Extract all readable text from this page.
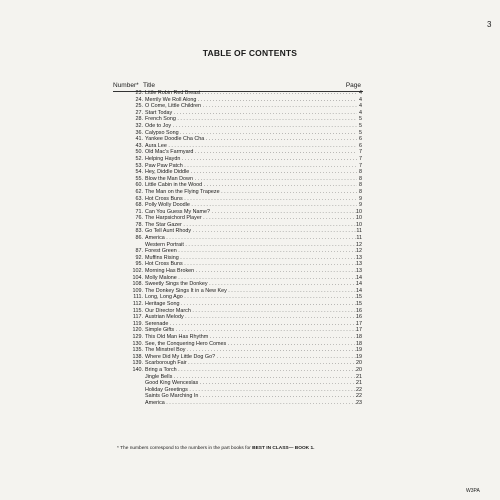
3
TABLE OF CONTENTS
Number* Title	Page
23. Little Robin Red Breast . . .	4
24. Merrily We Roll Along . . .	4
25. O Come, Little Children . . .	4
27. Start Today . . .	4
28. French Song . . .	5
32. Ode to Joy . . .	5
36. Calypso Song . . .	5
41. Yankee Doodle Cha Cha . . .	6
43. Aura Lee . . .	6
50. Old Mac's Farmyard . . .	7
52. Helping Haydn . . .	7
53. Paw Paw Patch . . .	7
54. Hey, Diddle Diddle . . .	8
55. Blow the Man Down . . .	8
60. Little Cabin in the Wood . . .	8
62. The Man on the Flying Trapeze . . .	8
63. Hot Cross Buns . . .	9
68. Polly Wolly Doodle . . .	9
71. Can You Guess My Name? . . .	10
76. The Harpsichord Player . . .	10
78. The Star Gazer . . .	10
83. Go Tell Aunt Rhody . . .	11
86. America . . .	11
Western Portrait . . .	12
87. Forest Green . . .	12
92. Muffins Rising . . .	13
95. Hot Cross Buns . . .	13
102. Morning Has Broken . . .	13
104. Molly Malone . . .	14
108. Sweetly Sings the Donkey . . .	14
109. The Donkey Sings It in a New Key . . .	14
111. Long, Long Ago . . .	15
112. Heritage Song . . .	15
115. Our Director March . . .	16
117. Austrian Melody . . .	16
119. Serenade . . .	17
120. Simple Gifts . . .	17
129. This Old Man Has Rhythm . . .	18
130. See, the Conquering Hero Comes . . .	18
135. The Minstrel Boy . . .	19
138. Where Did My Little Dog Go? . . .	19
139. Scarborough Fair . . .	20
140. Bring a Torch . . .	20
Jingle Bells . . .	21
Good King Wenceslas . . .	21
Holiday Greetings . . .	22
Saints Go Marching In . . .	22
America . . .	23
* The numbers correspond to the numbers in the part books for BEST IN CLASS— BOOK 1.
W3PA
